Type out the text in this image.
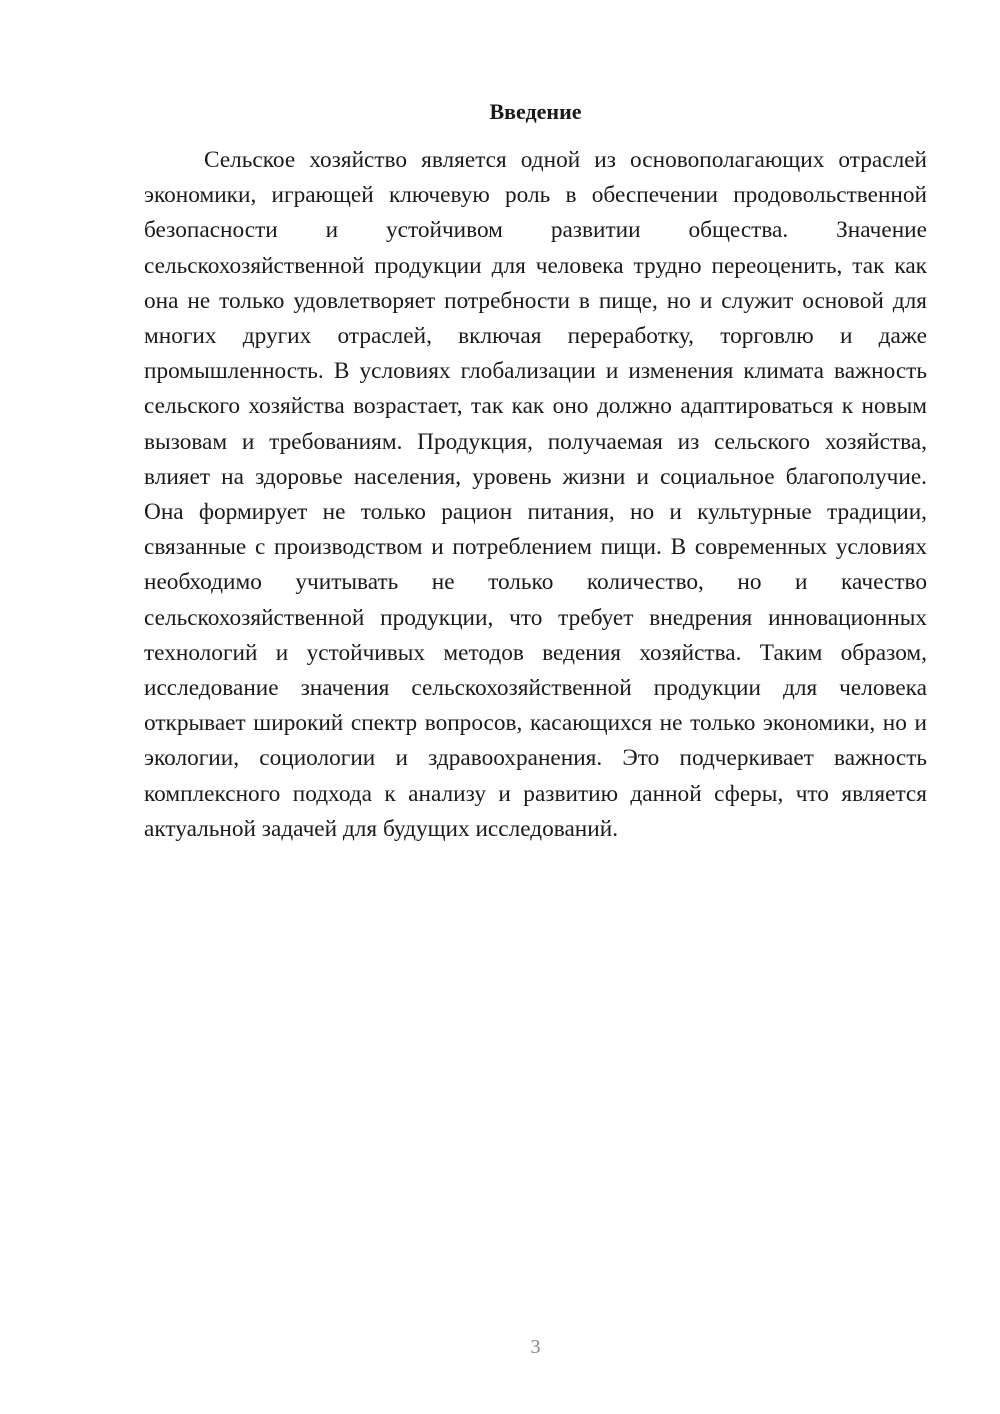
Введение

Сельское хозяйство является одной из основополагающих отраслей экономики, играющей ключевую роль в обеспечении продовольственной безопасности и устойчивом развитии общества. Значение сельскохозяйственной продукции для человека трудно переоценить, так как она не только удовлетворяет потребности в пище, но и служит основой для многих других отраслей, включая переработку, торговлю и даже промышленность. В условиях глобализации и изменения климата важность сельского хозяйства возрастает, так как оно должно адаптироваться к новым вызовам и требованиям. Продукция, получаемая из сельского хозяйства, влияет на здоровье населения, уровень жизни и социальное благополучие. Она формирует не только рацион питания, но и культурные традиции, связанные с производством и потреблением пищи. В современных условиях необходимо учитывать не только количество, но и качество сельскохозяйственной продукции, что требует внедрения инновационных технологий и устойчивых методов ведения хозяйства. Таким образом, исследование значения сельскохозяйственной продукции для человека открывает широкий спектр вопросов, касающихся не только экономики, но и экологии, социологии и здравоохранения. Это подчеркивает важность комплексного подхода к анализу и развитию данной сферы, что является актуальной задачей для будущих исследований.

3
